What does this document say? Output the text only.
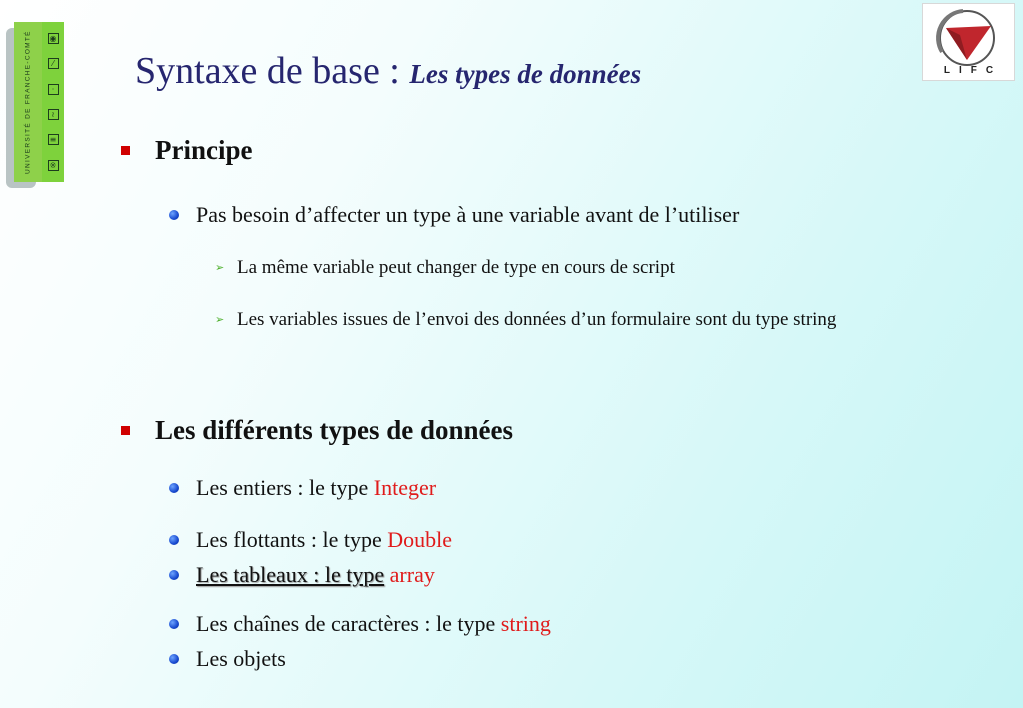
UNIVERSITÉ DE FRANCHE-COMTÉ	◉
⁄
·
≀
≡
※
LIFC
Syntaxe de base : Les types de données
Principe
Pas besoin d’affecter un type à une variable avant de l’utiliser
➢ La même variable peut changer de type en cours de script
➢ Les variables issues de l’envoi des données d’un formulaire sont du type string
Les différents types de données
Les entiers : le type Integer
Les flottants : le type Double
Les tableaux : le type array
Les chaînes de caractères : le type string
Les objets
